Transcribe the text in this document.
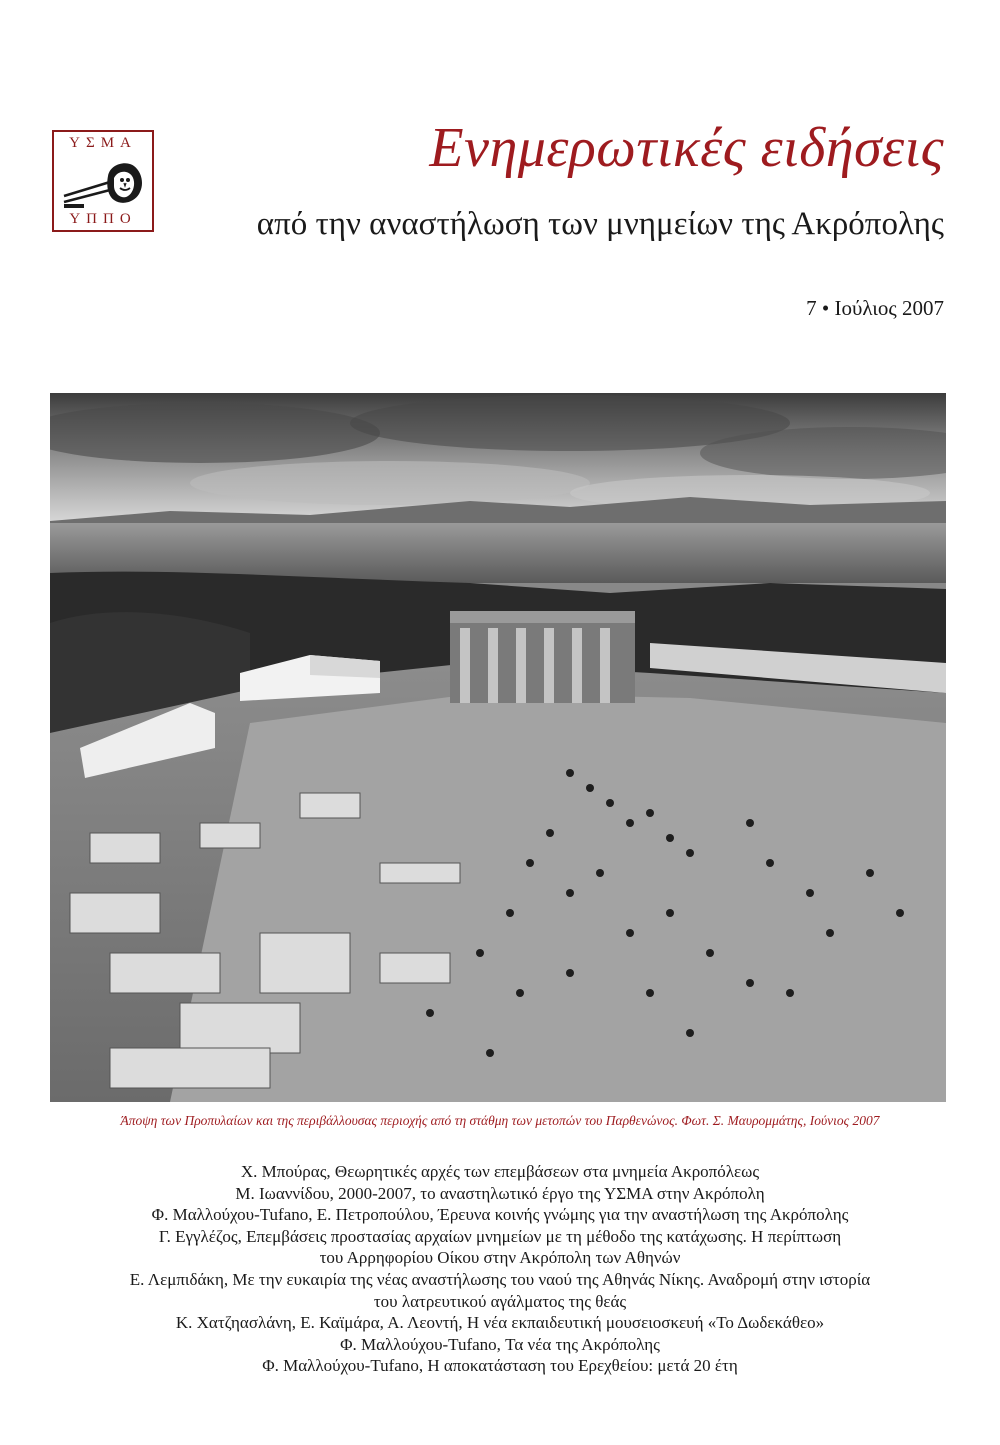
ΥΣΜΑ
ΥΠΠΟ
Ενημερωτικές ειδήσεις
από την αναστήλωση των μνημείων της Ακρόπολης
7 • Ιούλιος 2007
Άποψη των Προπυλαίων και της περιβάλλουσας περιοχής από τη στάθμη των μετοπών του Παρθενώνος. Φωτ. Σ. Μαυρομμάτης, Ιούνιος 2007
Χ. Μπούρας, Θεωρητικές αρχές των επεμβάσεων στα μνημεία Ακροπόλεως
Μ. Ιωαννίδου, 2000-2007, το αναστηλωτικό έργο της ΥΣΜΑ στην Ακρόπολη
Φ. Μαλλούχου-Tufano, Ε. Πετροπούλου, Έρευνα κοινής γνώμης για την αναστήλωση της Ακρόπολης
Γ. Εγγλέζος, Επεμβάσεις προστασίας αρχαίων μνημείων με τη μέθοδο της κατάχωσης. Η περίπτωση
του Αρρηφορίου Οίκου στην Ακρόπολη των Αθηνών
Ε. Λεμπιδάκη, Με την ευκαιρία της νέας αναστήλωσης του ναού της Αθηνάς Νίκης. Αναδρομή στην ιστορία
του λατρευτικού αγάλματος της θεάς
Κ. Χατζηασλάνη, Ε. Καϊμάρα, Α. Λεοντή, Η νέα εκπαιδευτική μουσειοσκευή «Το Δωδεκάθεο»
Φ. Μαλλούχου-Tufano, Τα νέα της Ακρόπολης
Φ. Μαλλούχου-Tufano, Η αποκατάσταση του Ερεχθείου: μετά 20 έτη
